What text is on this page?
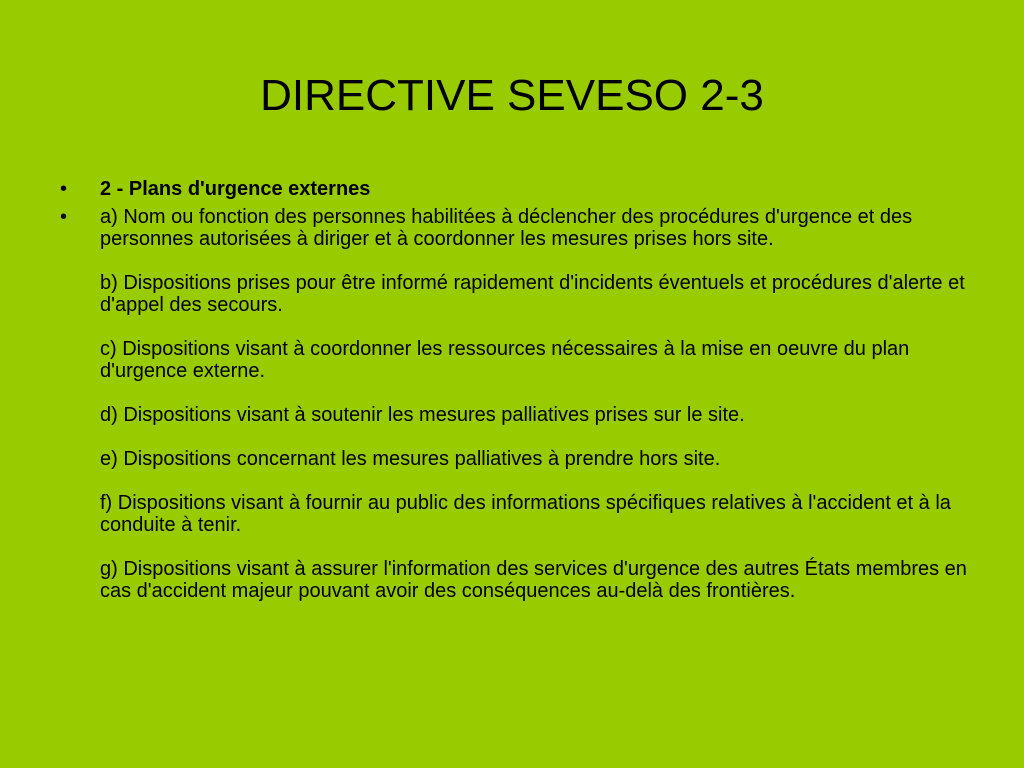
DIRECTIVE SEVESO 2-3
•	2 - Plans d'urgence externes
•	a) Nom ou fonction des personnes habilitées à déclencher des procédures d'urgence et des personnes autorisées à diriger et à coordonner les mesures prises hors site.

b) Dispositions prises pour être informé rapidement d'incidents éventuels et procédures d'alerte et d'appel des secours.

c) Dispositions visant à coordonner les ressources nécessaires à la mise en oeuvre du plan d'urgence externe.

d) Dispositions visant à soutenir les mesures palliatives prises sur le site.

e) Dispositions concernant les mesures palliatives à prendre hors site.

f) Dispositions visant à fournir au public des informations spécifiques relatives à l'accident et à la conduite à tenir.

g) Dispositions visant à assurer l'information des services d'urgence des autres États membres en cas d'accident majeur pouvant avoir des conséquences au-delà des frontières.
